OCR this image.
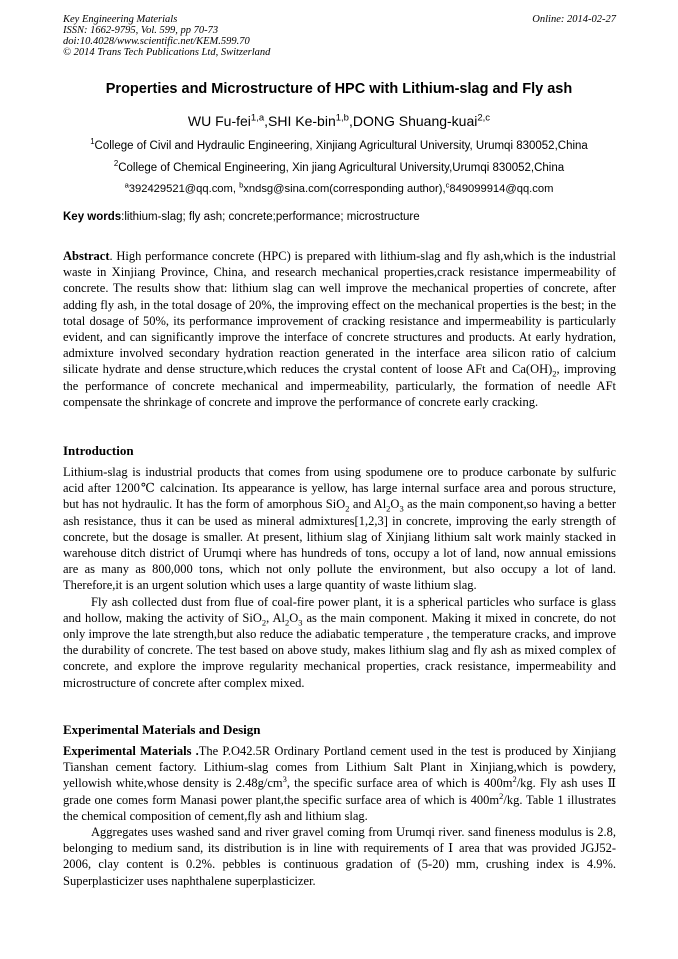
Key Engineering Materials
ISSN: 1662-9795, Vol. 599, pp 70-73
doi:10.4028/www.scientific.net/KEM.599.70
© 2014 Trans Tech Publications Ltd, Switzerland
Online: 2014-02-27
Properties and Microstructure of HPC with Lithium-slag and Fly ash
WU Fu-fei$^{1,a}$,SHI Ke-bin$^{1,b}$,DONG Shuang-kuai$^{2,c}$
$^1$College of Civil and Hydraulic Engineering, Xinjiang Agricultural University, Urumqi 830052,China
$^2$College of Chemical Engineering, Xin jiang Agricultural University,Urumqi 830052,China
$^a$392429521@qq.com, $^b$xndsg@sina.com(corresponding author),$^c$849099914@qq.com
Key words:lithium-slag; fly ash; concrete;performance; microstructure

Abstract. High performance concrete (HPC) is prepared with lithium-slag and fly ash,which is the industrial waste in Xinjiang Province, China, and research mechanical properties,crack resistance impermeability of concrete. The results show that: lithium slag can well improve the mechanical properties of concrete, after adding fly ash, in the total dosage of 20%, the improving effect on the mechanical properties is the best; in the total dosage of 50%, its performance improvement of cracking resistance and impermeability is particularly evident, and can significantly improve the interface of concrete structures and products. At early hydration, admixture involved secondary hydration reaction generated in the interface area silicon ratio of calcium silicate hydrate and dense structure,which reduces the crystal content of loose AFt and $Ca(OH)_2$, improving the performance of concrete mechanical and impermeability, particularly, the formation of needle AFt compensate the shrinkage of concrete and improve the performance of concrete early cracking.

Introduction

Lithium-slag is industrial products that comes from using spodumene ore to produce carbonate by sulfuric acid after 1200℃ calcination. Its appearance is yellow, has large internal surface area and porous structure, but has not hydraulic. It has the form of amorphous SiO$_2$ and $Al_2O_3$ as the main component,so having a better ash resistance, thus it can be used as mineral admixtures[1,2,3] in concrete, improving the early strength of concrete, but the dosage is smaller. At present, lithium slag of Xinjiang lithium salt work mainly stacked in warehouse ditch district of Urumqi where has hundreds of tons, occupy a lot of land, now annual emissions are as many as 800,000 tons, which not only pollute the environment, but also occupy a lot of land. Therefore,it is an urgent solution which uses a large quantity of waste lithium slag.

Fly ash collected dust from flue of coal-fire power plant, it is a spherical particles who surface is glass and hollow, making the activity of SiO$_2$, $Al_2O_3$ as the main component. Making it mixed in concrete, do not only improve the late strength,but also reduce the adiabatic temperature , the temperature cracks, and improve the durability of concrete. The test based on above study, makes lithium slag and fly ash as mixed complex of concrete, and explore the improve regularity mechanical properties, crack resistance, impermeability and microstructure of concrete after complex mixed.

Experimental Materials and Design

Experimental Materials .The P.O42.5R Ordinary Portland cement used in the test is produced by Xinjiang Tianshan cement factory. Lithium-slag comes from Lithium Salt Plant in Xinjiang,which is powdery, yellowish white,whose density is $2.48g/cm^3$, the specific surface area of which is $400m^2/kg$. Fly ash uses Ⅱ grade one comes form Manasi power plant,the specific surface area of which is $400m^2/kg$. Table 1 illustrates the chemical composition of cement,fly ash and lithium slag.

Aggregates uses washed sand and river gravel coming from Urumqi river. sand fineness modulus is 2.8, belonging to medium sand, its distribution is in line with requirements of Ⅰ area that was provided JGJ52-2006, clay content is 0.2%. pebbles is continuous gradation of (5-20) mm, crushing index is 4.9%. Superplasticizer uses naphthalene superplasticizer.
